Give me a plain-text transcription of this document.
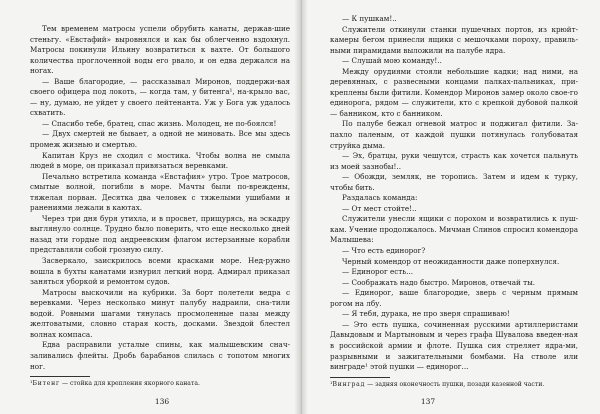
Тем временем матросы успели обрубить канаты, держав-шие стеньгу. «Евстафий» выровнялся и как бы облегченно вздохнул. Матросы покинули Ильину возвратиться к вахте. От большого количества проглоченной воды его рвало, и он едва держался на ногах.

— Ваше благородие, — рассказывал Миронов, поддержи-вая своего офицера под локоть, — когда там, у битенга¹, на-крыло вас, — ну, думаю, не уйдет у своего лейтенанта. Уж у Бога уж удалось схватить.

— Спасибо тебе, братец, спас жизнь. Молодец, не по-боялся!

— Двух смертей не бывает, а одной не миновать. Все мы здесь промеж жизнью и смертью.

Капитан Круз не сходил с мостика. Чтобы волна не смыла людей в море, он приказал привязаться веревками.

Печально встретила команда «Евстафия» утро. Трое матросов, смытые волной, погибли в море. Мачты были по-вреждены, тяжелая порван. Десятка два человек с тяжелыми ушибами и ранениями лежали в каютах.

Через три дня буря утихла, и в просвет, прищурясь, на эскадру выглянуло солнце. Трудно было поверить, что еще несколько дней назад эти гордые под андреевским флагом истерзанные корабли представляли собой грозную силу.

Засверкало, заискрилось всеми красками море. Нед-ружно вошла в бухты канатами изнурил легкий норд. Адмирал приказал заняться уборкой и ремонтом судов.

Матросы выскочили на кубрики. За борт полетели ведра с веревками. Через несколько минут палубу надраили, сна-тили водой. Ровными шагами тянулась просмоленные пазы между желтоватыми, словно старая кость, досками. Звездой блестел волнах компаса.

Едва расправили усталые спины, как малышевским снач-заливались флейты. Дробь барабанов слилась с топотом многих ног.

¹Битенг — стойка для крепления якорного каната.
136

— К пушкам!..

Служители откинули станки пушечных портов, из крюйт-камеры бегом принесли ящики с мешочками пороху, правиль-ными пирамидами выложили на палубе ядра.

— Слушай мою команду!..

Между орудиями стояли небольшие кадки; над ними, на деревянных, с развесными концами палках-пальниках, при-креплены были фитили. Комендор Миронов замер около свое-го единорога, рядом — служители, кто с крепкой дубовой палкой — банником, кто с банником.

По палубе бежал огневой матрос и поджигал фитили. За-пахло паленым, от каждой пушки потянулась голубоватая струйка дыма.

— Эх, братцы, руки чешутся, страсть как хочется пальнуть из моей зазнобы!..

— Обожди, земляк, не торопись. Затем и идем к турку, чтобы бить.

Раздалась команда:

— От мест стойте!..

Служители унесли ящики с порохом и возвратились к пуш-кам. Учение продолжалось. Мичман Слинов спросил комендора Малышева:

— Что есть единорог?

Черный комендор от неожиданности даже поперхнулся.

— Единорог есть...

— Соображать надо быстро. Миронов, отвечай ты.

— Единорог, ваше благородие, зверь с черным прямым рогом на лбу.

— Я тебя, дурака, не про зверя спрашиваю!

— Это есть пушка, сочиненная русскими артиллеристами Давыдовым и Мартыновым и через графа Шувалова введен-ная в российской армии и флоте. Пушка сия стреляет ядра-ми, разрывными и зажигательными бомбами. На стволе или винграде¹ этой пушки — единорог...

¹Винград — задняя оконечность пушки, позади казенной части.
137
